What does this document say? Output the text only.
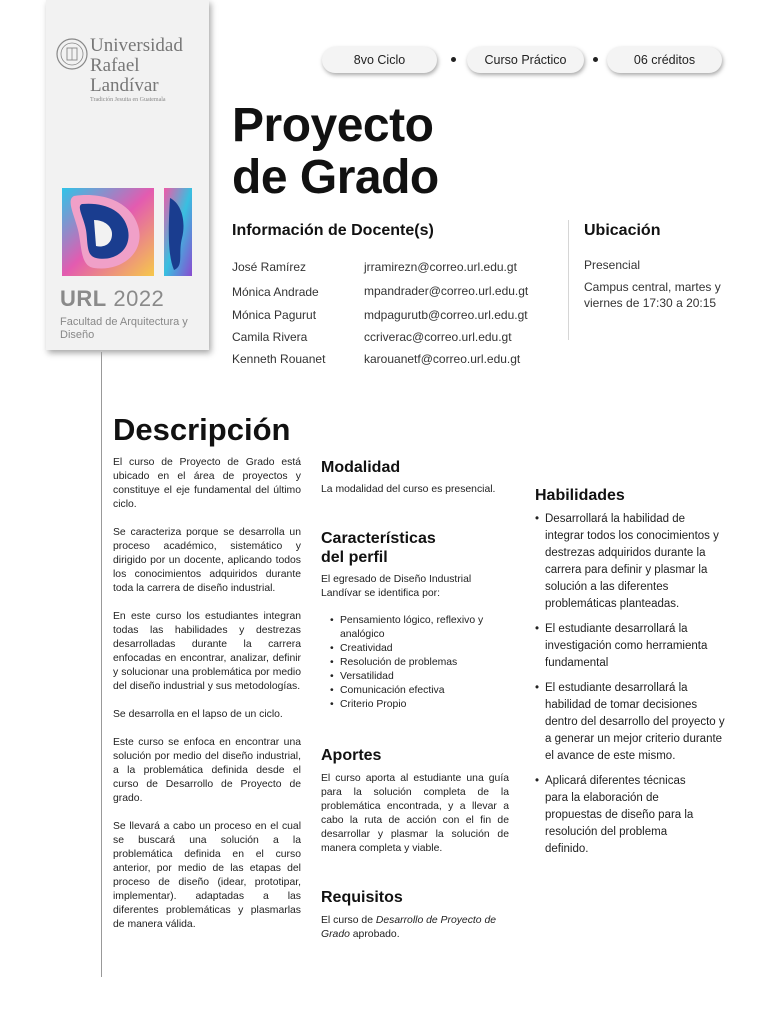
Universidad
Rafael Landívar
Tradición Jesuita en Guatemala
URL 2022
Facultad de Arquitectura y Diseño
8vo Ciclo	Curso Práctico	06 créditos
Proyecto
de Grado
Información de Docente(s)
José Ramírez	jrramirezn@correo.url.edu.gt
Mónica Andrade	mpandrader@correo.url.edu.gt
Mónica Pagurut	mdpagurutb@correo.url.edu.gt
Camila Rivera	ccriverac@correo.url.edu.gt
Kenneth Rouanet	karouanetf@correo.url.edu.gt
Ubicación
Presencial
Campus central, martes y viernes de 17:30 a 20:15
Descripción

El curso de Proyecto de Grado está ubicado en el área de proyectos y constituye el eje fundamental del último ciclo.

Se caracteriza porque se desarrolla un proceso académico, sistemático y dirigido por un docente, aplicando todos los conocimientos adquiridos durante toda la carrera de diseño industrial.

En este curso los estudiantes integran todas las habilidades y destrezas desarrolladas durante la carrera enfocadas en encontrar, analizar, definir y solucionar una problemática por medio del diseño industrial y sus metodologías.

Se desarrolla en el lapso de un ciclo.

Este curso se enfoca en encontrar una solución por medio del diseño industrial, a la problemática definida desde el curso de Desarrollo de Proyecto de grado.

Se llevará a cabo un proceso en el cual se buscará una solución a la problemática definida en el curso anterior, por medio de las etapas del proceso de diseño (idear, prototipar, implementar). adaptadas a las diferentes problemáticas y plasmarlas de manera válida.

Modalidad
La modalidad del curso es presencial.
Características
del perfil
El egresado de Diseño Industrial Landívar se identifica por:
• Pensamiento lógico, reflexivo y analógico
• Creatividad
• Resolución de problemas
• Versatilidad
• Comunicación efectiva
• Criterio Propio
Aportes
El curso aporta al estudiante una guía para la solución completa de la problemática encontrada, y a llevar a cabo la ruta de acción con el fin de desarrollar y plasmar la solución de manera completa y viable.
Requisitos
El curso de Desarrollo de Proyecto de Grado aprobado.
Habilidades
• Desarrollará la habilidad de integrar todos los conocimientos y destrezas adquiridos durante la carrera para definir y plasmar la solución a las diferentes problemáticas planteadas.
• El estudiante desarrollará la investigación como herramienta fundamental
• El estudiante desarrollará la habilidad de tomar decisiones dentro del desarrollo del proyecto y a generar un mejor criterio durante el avance de este mismo.
• Aplicará diferentes técnicas para la elaboración de propuestas de diseño para la resolución del problema definido.
